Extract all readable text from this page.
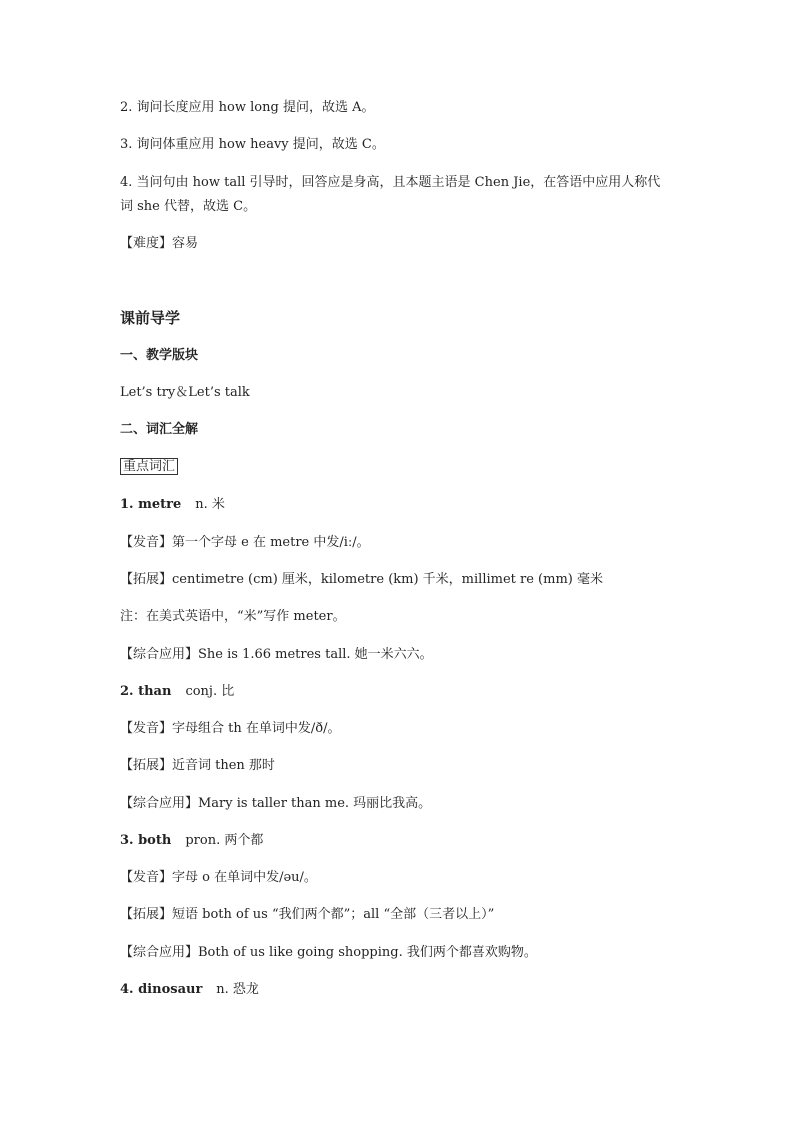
2. 询问长度应用 how long 提问，故选 A。
3. 询问体重应用 how heavy 提问，故选 C。
4. 当问句由 how tall 引导时，回答应是身高，且本题主语是 Chen Jie，在答语中应用人称代
词 she 代替，故选 C。
【难度】容易
课前导学
一、教学版块
Let’s try＆Let’s talk
二、词汇全解
重点词汇
1. metre n. 米
【发音】第一个字母 e 在 metre 中发/iː/。
【拓展】centimetre (cm) 厘米，kilometre (km) 千米，millimet re (mm) 毫米
注：在美式英语中，“米”写作 meter。
【综合应用】She is 1.66 metres tall. 她一米六六。
2. than conj. 比
【发音】字母组合 th 在单词中发/ð/。
【拓展】近音词 then 那时
【综合应用】Mary is taller than me. 玛丽比我高。
3. both pron. 两个都
【发音】字母 o 在单词中发/əu/。
【拓展】短语 both of us “我们两个都”；all “全部（三者以上）”
【综合应用】Both of us like going shopping. 我们两个都喜欢购物。
4. dinosaur n. 恐龙
